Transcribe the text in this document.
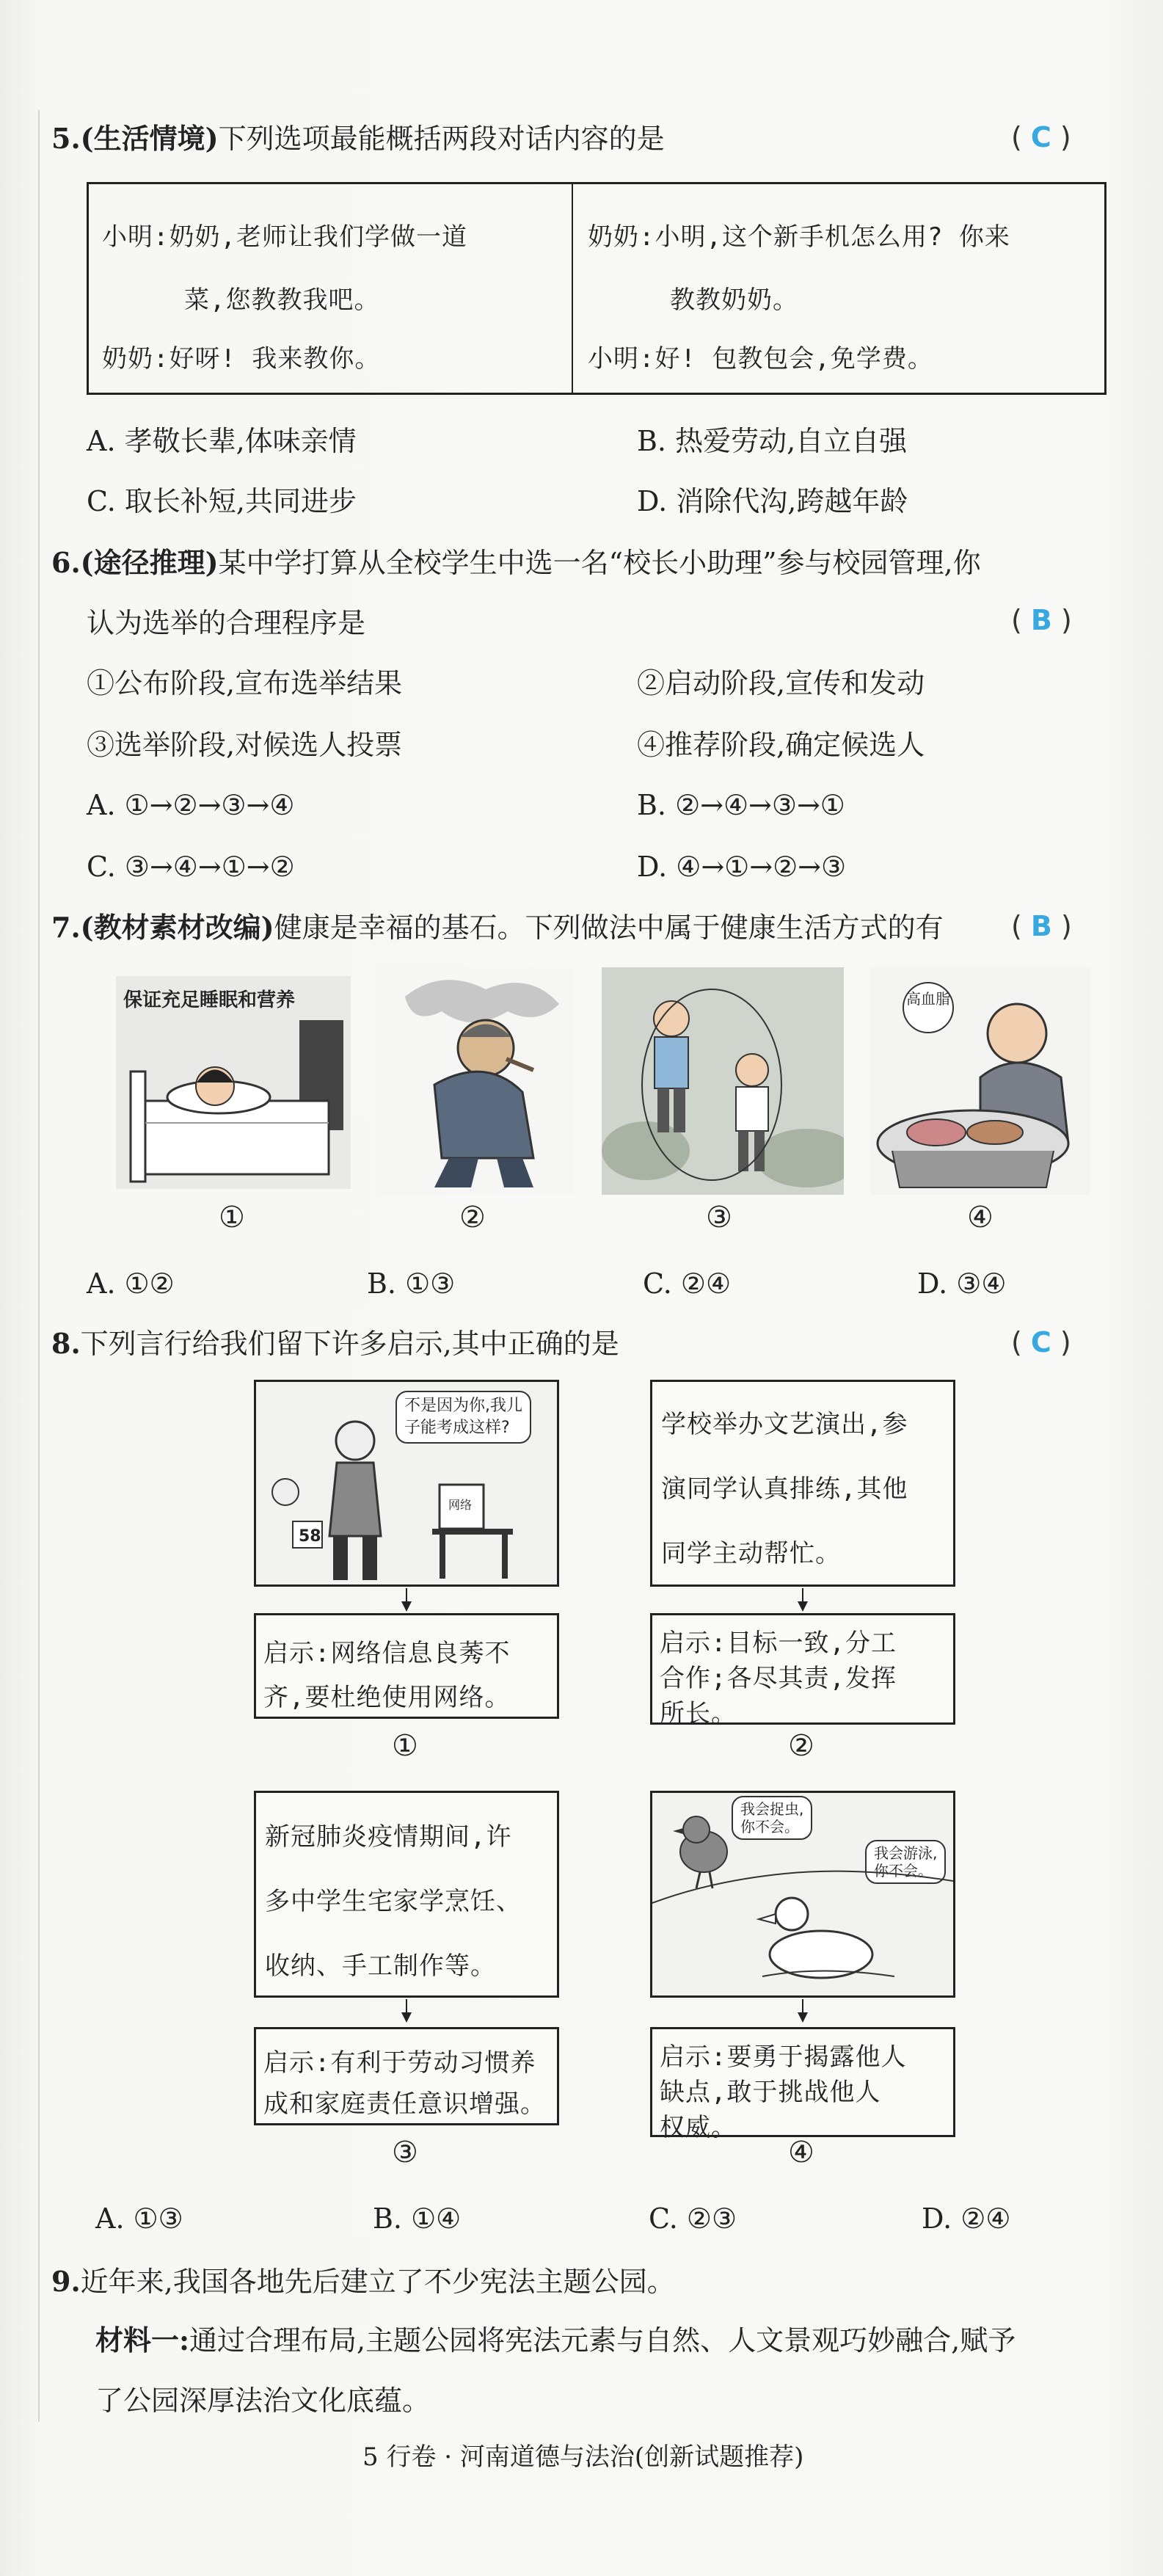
5.(生活情境)下列选项最能概括两段对话内容的是	( C )
小明:奶奶,老师让我们学做一道
菜,您教教我吧。
奶奶:好呀! 我来教你。
奶奶:小明,这个新手机怎么用? 你来
教教奶奶。
小明:好! 包教包会,免学费。
A. 孝敬长辈,体味亲情	B. 热爱劳动,自立自强
C. 取长补短,共同进步	D. 消除代沟,跨越年龄
6.(途径推理)某中学打算从全校学生中选一名“校长小助理”参与校园管理,你
认为选举的合理程序是	( B )
①公布阶段,宣布选举结果	②启动阶段,宣传和发动
③选举阶段,对候选人投票	④推荐阶段,确定候选人
A. ①→②→③→④	B. ②→④→③→①
C. ③→④→①→②	D. ④→①→②→③
7.(教材素材改编)健康是幸福的基石。下列做法中属于健康生活方式的有 ( B )
保证充足睡眠和营养	高血脂
①	②	③	④
A. ①②	B. ①③	C. ②④	D. ③④
8.下列言行给我们留下许多启示,其中正确的是	( C )
不是因为你,我儿
子能考成这样?
58
网络
启示:网络信息良莠不
齐,要杜绝使用网络。
①
学校举办文艺演出,参
演同学认真排练,其他
同学主动帮忙。
启示:目标一致,分工
合作;各尽其责,发挥
所长。
②
新冠肺炎疫情期间,许
多中学生宅家学烹饪、
收纳、手工制作等。
启示:有利于劳动习惯养
成和家庭责任意识增强。
③
我会捉虫,
你不会。
我会游泳,
你不会。
启示:要勇于揭露他人
缺点,敢于挑战他人
权威。
④
A. ①③	B. ①④	C. ②③	D. ②④
9.近年来,我国各地先后建立了不少宪法主题公园。
材料一:通过合理布局,主题公园将宪法元素与自然、人文景观巧妙融合,赋予
了公园深厚法治文化底蕴。
5 行卷 · 河南道德与法治(创新试题推荐)
